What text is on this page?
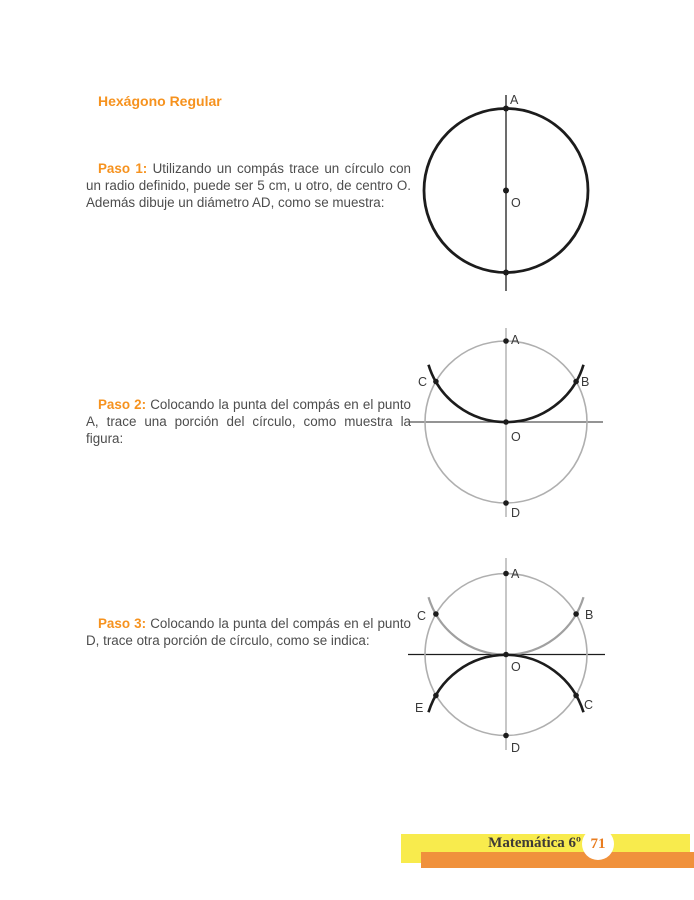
Hexágono Regular

Paso 1: Utilizando un compás trace un círculo con un radio definido, puede ser 5 cm, u otro, de centro O. Además dibuje un diámetro AD, como se muestra:

Paso 2: Colocando la punta del compás en el punto A, trace una porción del círculo, como muestra la figura:

Paso 3: Colocando la punta del compás en el punto D, trace otra porción de círculo, como se indica:

A
O
A
C	B
O
D
A
C	B
O
E	C
D
Matemática 6º 71
